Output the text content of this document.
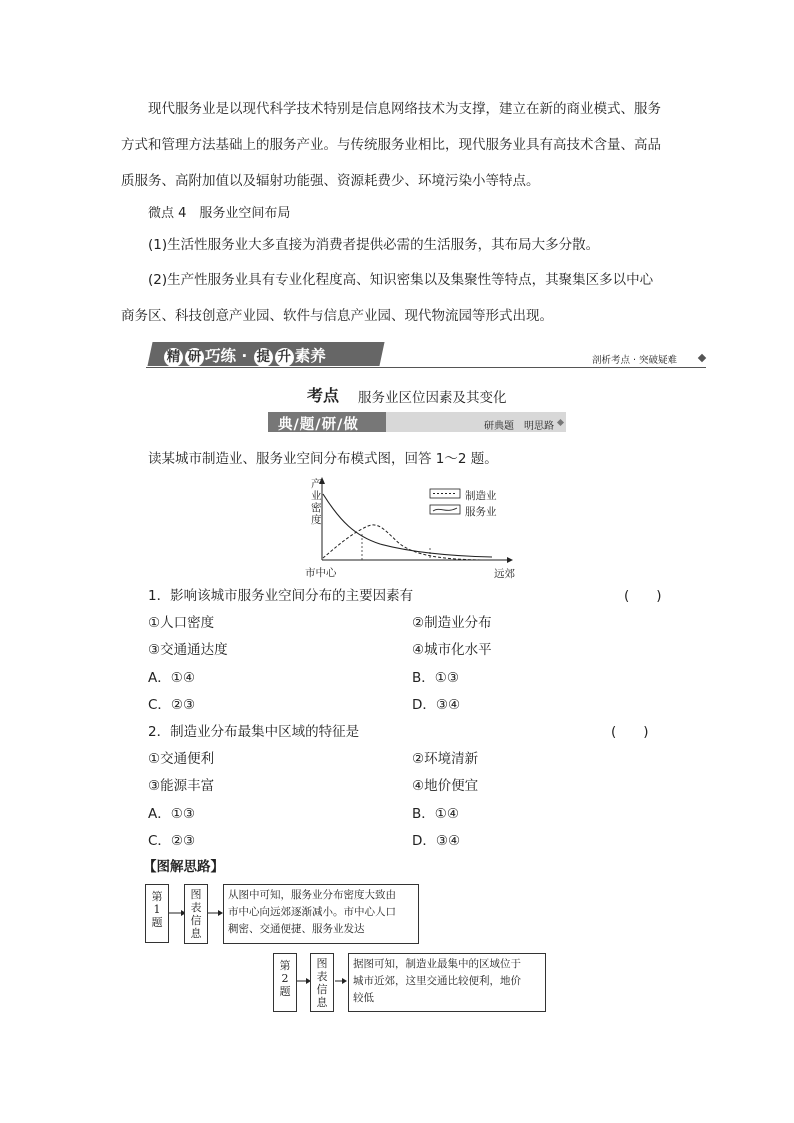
现代服务业是以现代科学技术特别是信息网络技术为支撑，建立在新的商业模式、服务
方式和管理方法基础上的服务产业。与传统服务业相比，现代服务业具有高技术含量、高品
质服务、高附加值以及辐射功能强、资源耗费少、环境污染小等特点。
微点 4　服务业空间布局
(1)生活性服务业大多直接为消费者提供必需的生活服务，其布局大多分散。
(2)生产性服务业具有专业化程度高、知识密集以及集聚性等特点，其聚集区多以中心
商务区、科技创意产业园、软件与信息产业园、现代物流园等形式出现。
精 研 巧练 · 提 升 素养	剖析考点 · 突破疑难
考点 服务业区位因素及其变化
典/题/研/做	研典题　明思路
读某城市制造业、服务业空间分布模式图，回答 1～2 题。
产业密度
制造业
服务业
市中心	远郊
1．影响该城市服务业空间分布的主要因素有	(　　)
①人口密度	②制造业分布
③交通通达度	④城市化水平
A．①④	B．①③
C．②③	D．③④
2．制造业分布最集中区域的特征是	(　　)
①交通便利	②环境清新
③能源丰富	④地价便宜
A．①③	B．①④
C．②③	D．③④
【图解思路】
第
1
题
图
表
信
息
从图中可知，服务业分布密度大致由
市中心向远郊逐渐减小。市中心人口
稠密、交通便捷、服务业发达
第
2
题
图
表
信
息
据图可知，制造业最集中的区域位于
城市近郊，这里交通比较便利，地价
较低
